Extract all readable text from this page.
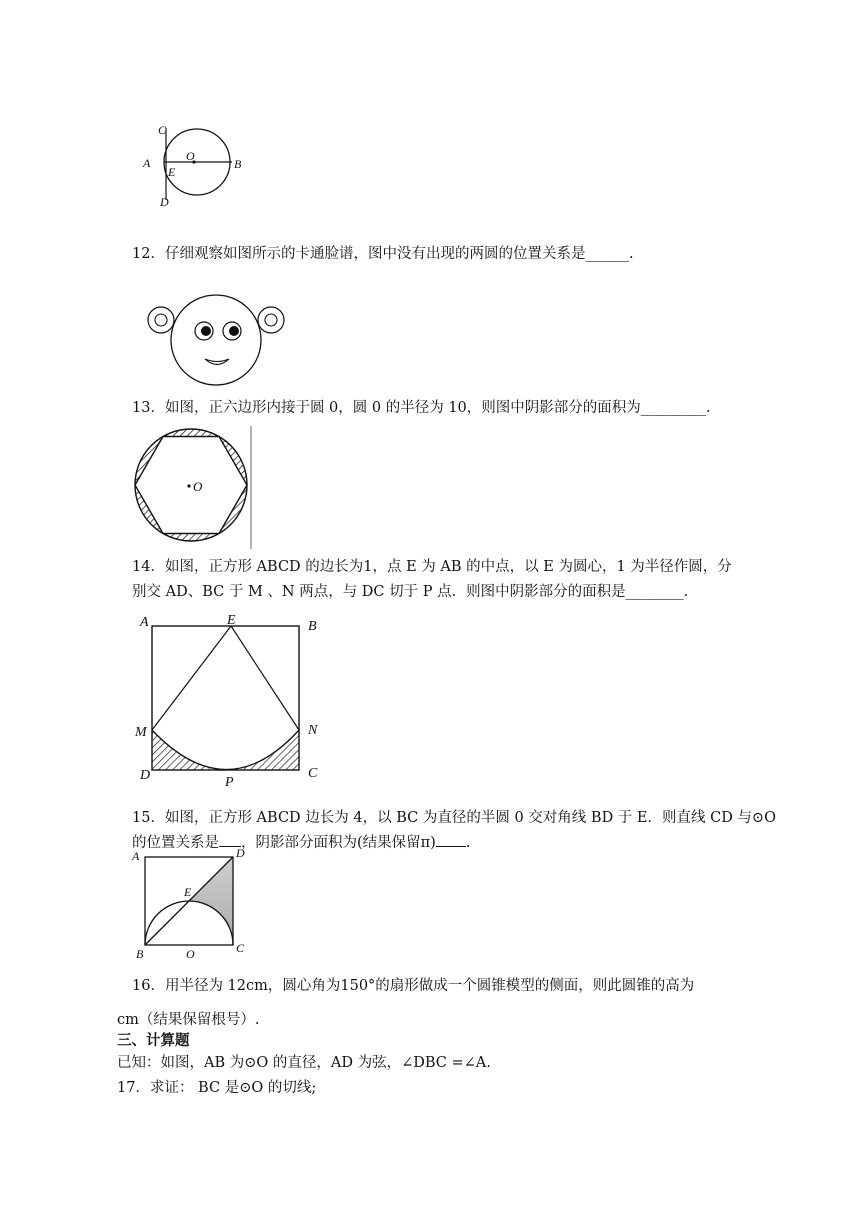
C
A	O
B
E
D
12．仔细观察如图所示的卡通脸谱，图中没有出现的两圆的位置关系是______.
13．如图，正六边形内接于圆 0，圆 0 的半径为 10，则图中阴影部分的面积为_________.
O
14．如图，正方形 ABCD 的边长为1，点 E 为 AB 的中点，以 E 为圆心，1 为半径作圆，分
别交 AD、BC 于 M 、N 两点，与 DC 切于 P 点．则图中阴影部分的面积是________.
A	E	B
M	N
D	P
C
15．如图，正方形 ABCD 边长为 4，以 BC 为直径的半圆 0 交对角线 BD 于 E．则直线 CD 与⊙O
的位置关系是 ，阴影部分面积为(结果保留π) .
A	D
E
B	O	C
16．用半径为 12cm，圆心角为150°的扇形做成一个圆锥模型的侧面，则此圆锥的高为
cm（结果保留根号）.
三、计算题
已知：如图，AB 为⊙O 的直径，AD 为弦，∠DBC =∠A.
17．求证： BC 是⊙O 的切线;
